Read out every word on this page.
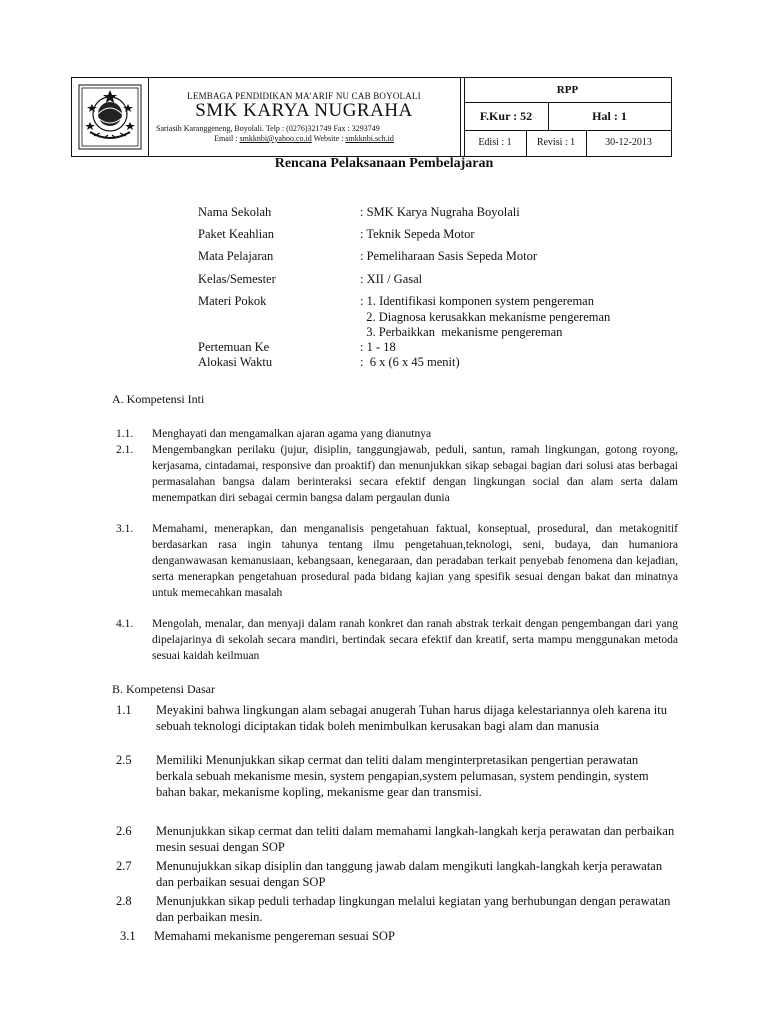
LEMBAGA PENDIDIKAN MA’ARIF NU CAB BOYOLALI
SMK KARYA NUGRAHA
Sariasih Karanggeneng, Boyolali. Telp : (0276)321749 Fax : 3293749
Email : smkknbi@yahoo.co.id Website : smkknbi.sch.id
RPP
F.Kur : 52	Hal : 1
Edisi : 1	Revisi : 1	30-12-2013
Rencana Pelaksanaan Pembelajaran
Nama Sekolah	: SMK Karya Nugraha Boyolali
Paket Keahlian	: Teknik Sepeda Motor
Mata Pelajaran	: Pemeliharaan Sasis Sepeda Motor
Kelas/Semester	: XII / Gasal
Materi Pokok	: 1. Identifikasi komponen system pengereman
2. Diagnosa kerusakkan mekanisme pengereman
3. Perbaikkan  mekanisme pengereman
Pertemuan Ke	: 1 - 18
Alokasi Waktu	:  6 x (6 x 45 menit)
A. Kompetensi Inti
1.1. Menghayati dan mengamalkan ajaran agama yang dianutnya
2.1. Mengembangkan perilaku (jujur, disiplin, tanggungjawab, peduli, santun, ramah lingkungan, gotong royong, kerjasama, cintadamai, responsive dan proaktif) dan menunjukkan sikap sebagai bagian dari solusi atas berbagai permasalahan bangsa dalam berinteraksi secara efektif dengan lingkungan social dan alam serta dalam menempatkan diri sebagai cermin bangsa dalam pergaulan dunia
3.1. Memahami, menerapkan, dan menganalisis pengetahuan faktual, konseptual, prosedural, dan metakognitif berdasarkan rasa ingin tahunya tentang ilmu pengetahuan,teknologi, seni, budaya, dan humaniora denganwawasan kemanusiaan, kebangsaan, kenegaraan, dan peradaban terkait penyebab fenomena dan kejadian, serta menerapkan pengetahuan prosedural pada bidang kajian yang spesifik sesuai dengan bakat dan minatnya untuk memecahkan masalah
4.1. Mengolah, menalar, dan menyaji dalam ranah konkret dan ranah abstrak terkait dengan pengembangan dari yang dipelajarinya di sekolah secara mandiri, bertindak secara efektif dan kreatif, serta mampu menggunakan metoda sesuai kaidah keilmuan
B. Kompetensi Dasar
1.1 Meyakini bahwa lingkungan alam sebagai anugerah Tuhan harus dijaga kelestariannya oleh karena itu sebuah teknologi diciptakan tidak boleh menimbulkan kerusakan bagi alam dan manusia
2.5 Memiliki Menunjukkan sikap cermat dan teliti dalam menginterpretasikan pengertian perawatan berkala sebuah mekanisme mesin, system pengapian,system pelumasan, system pendingin, system bahan bakar, mekanisme kopling, mekanisme gear dan transmisi.
2.6 Menunjukkan sikap cermat dan teliti dalam memahami langkah-langkah kerja perawatan dan perbaikan mesin sesuai dengan SOP
2.7 Menunujukkan sikap disiplin dan tanggung jawab dalam mengikuti langkah-langkah kerja perawatan dan perbaikan sesuai dengan SOP
2.8 Menunjukkan sikap peduli terhadap lingkungan melalui kegiatan yang berhubungan dengan perawatan dan perbaikan mesin.
3.1 Memahami mekanisme pengereman sesuai SOP
